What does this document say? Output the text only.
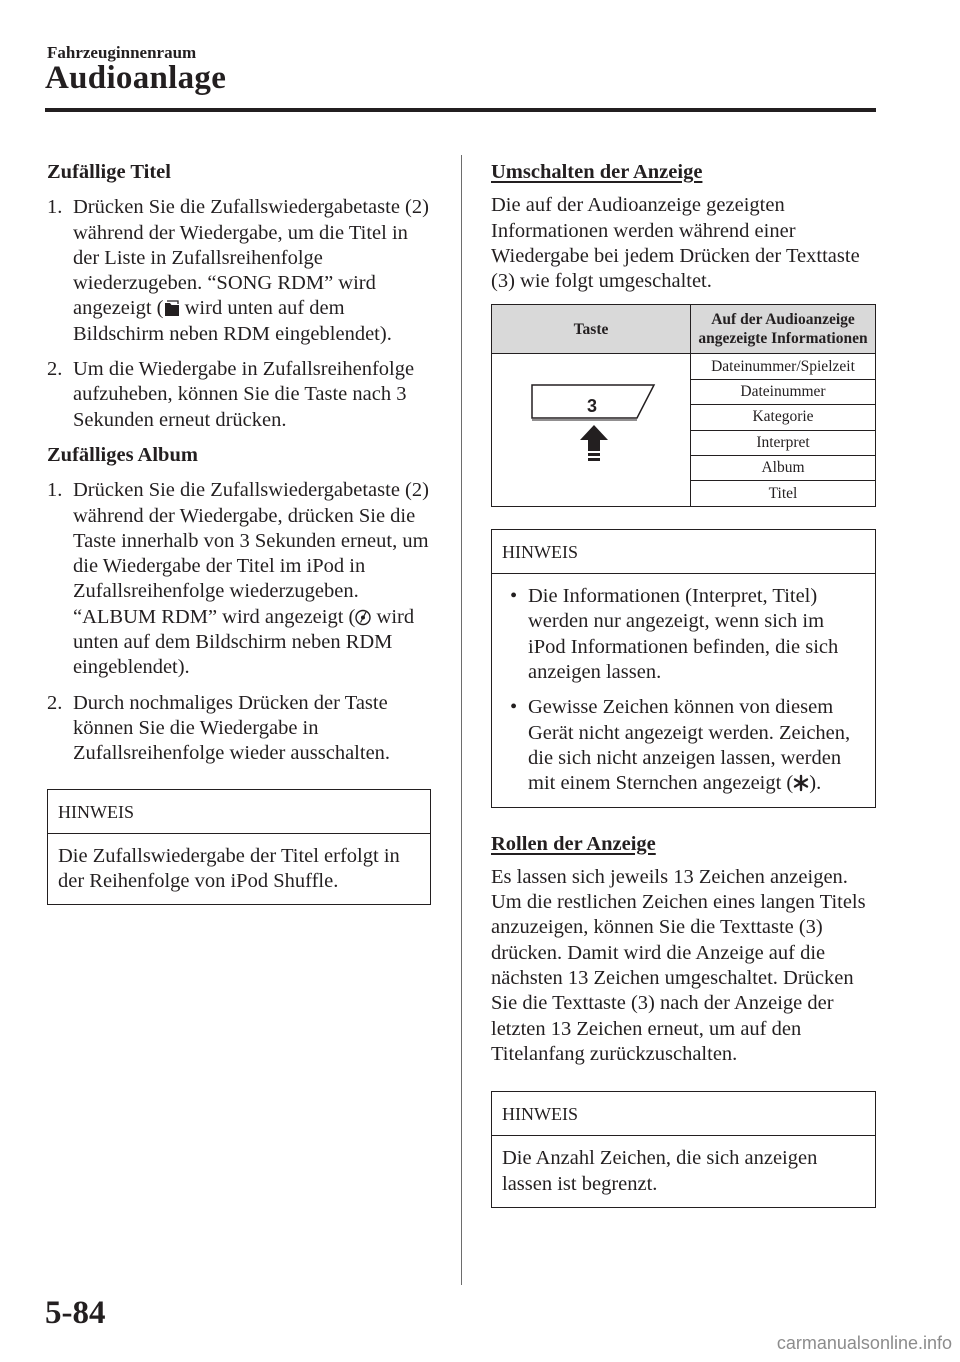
Fahrzeuginnenraum
Audioanlage
Zufällige Titel
1. Drücken Sie die Zufallswiedergabetaste (2) während der Wiedergabe, um die Titel in der Liste in Zufallsreihenfolge wiederzugeben. “SONG RDM” wird angezeigt ( wird unten auf dem Bildschirm neben RDM eingeblendet).
2. Um die Wiedergabe in Zufallsreihenfolge aufzuheben, können Sie die Taste nach 3 Sekunden erneut drücken.
Zufälliges Album
1. Drücken Sie die Zufallswiedergabetaste (2) während der Wiedergabe, drücken Sie die Taste innerhalb von 3 Sekunden erneut, um die Wiedergabe der Titel im iPod in Zufallsreihenfolge wiederzugeben. “ALBUM RDM” wird angezeigt ( wird unten auf dem Bildschirm neben RDM eingeblendet).
2. Durch nochmaliges Drücken der Taste können Sie die Wiedergabe in Zufallsreihenfolge wieder ausschalten.
HINWEIS
Die Zufallswiedergabe der Titel erfolgt in der Reihenfolge von iPod Shuffle.
Umschalten der Anzeige
Die auf der Audioanzeige gezeigten Informationen werden während einer Wiedergabe bei jedem Drücken der Texttaste (3) wie folgt umgeschaltet.
Taste	Auf der Audioanzeige angezeigte Informationen

3	Dateinummer/Spielzeit
	Dateinummer
	Kategorie
	Interpret
	Album
	Titel
HINWEIS
• Die Informationen (Interpret, Titel) werden nur angezeigt, wenn sich im iPod Informationen befinden, die sich anzeigen lassen.
• Gewisse Zeichen können von diesem Gerät nicht angezeigt werden. Zeichen, die sich nicht anzeigen lassen, werden mit einem Sternchen angezeigt ( ).
Rollen der Anzeige
Es lassen sich jeweils 13 Zeichen anzeigen. Um die restlichen Zeichen eines langen Titels anzuzeigen, können Sie die Texttaste (3) drücken. Damit wird die Anzeige auf die nächsten 13 Zeichen umgeschaltet. Drücken Sie die Texttaste (3) nach der Anzeige der letzten 13 Zeichen erneut, um auf den Titelanfang zurückzuschalten.
HINWEIS
Die Anzahl Zeichen, die sich anzeigen lassen ist begrenzt.
5-84
carmanualsonline.info
